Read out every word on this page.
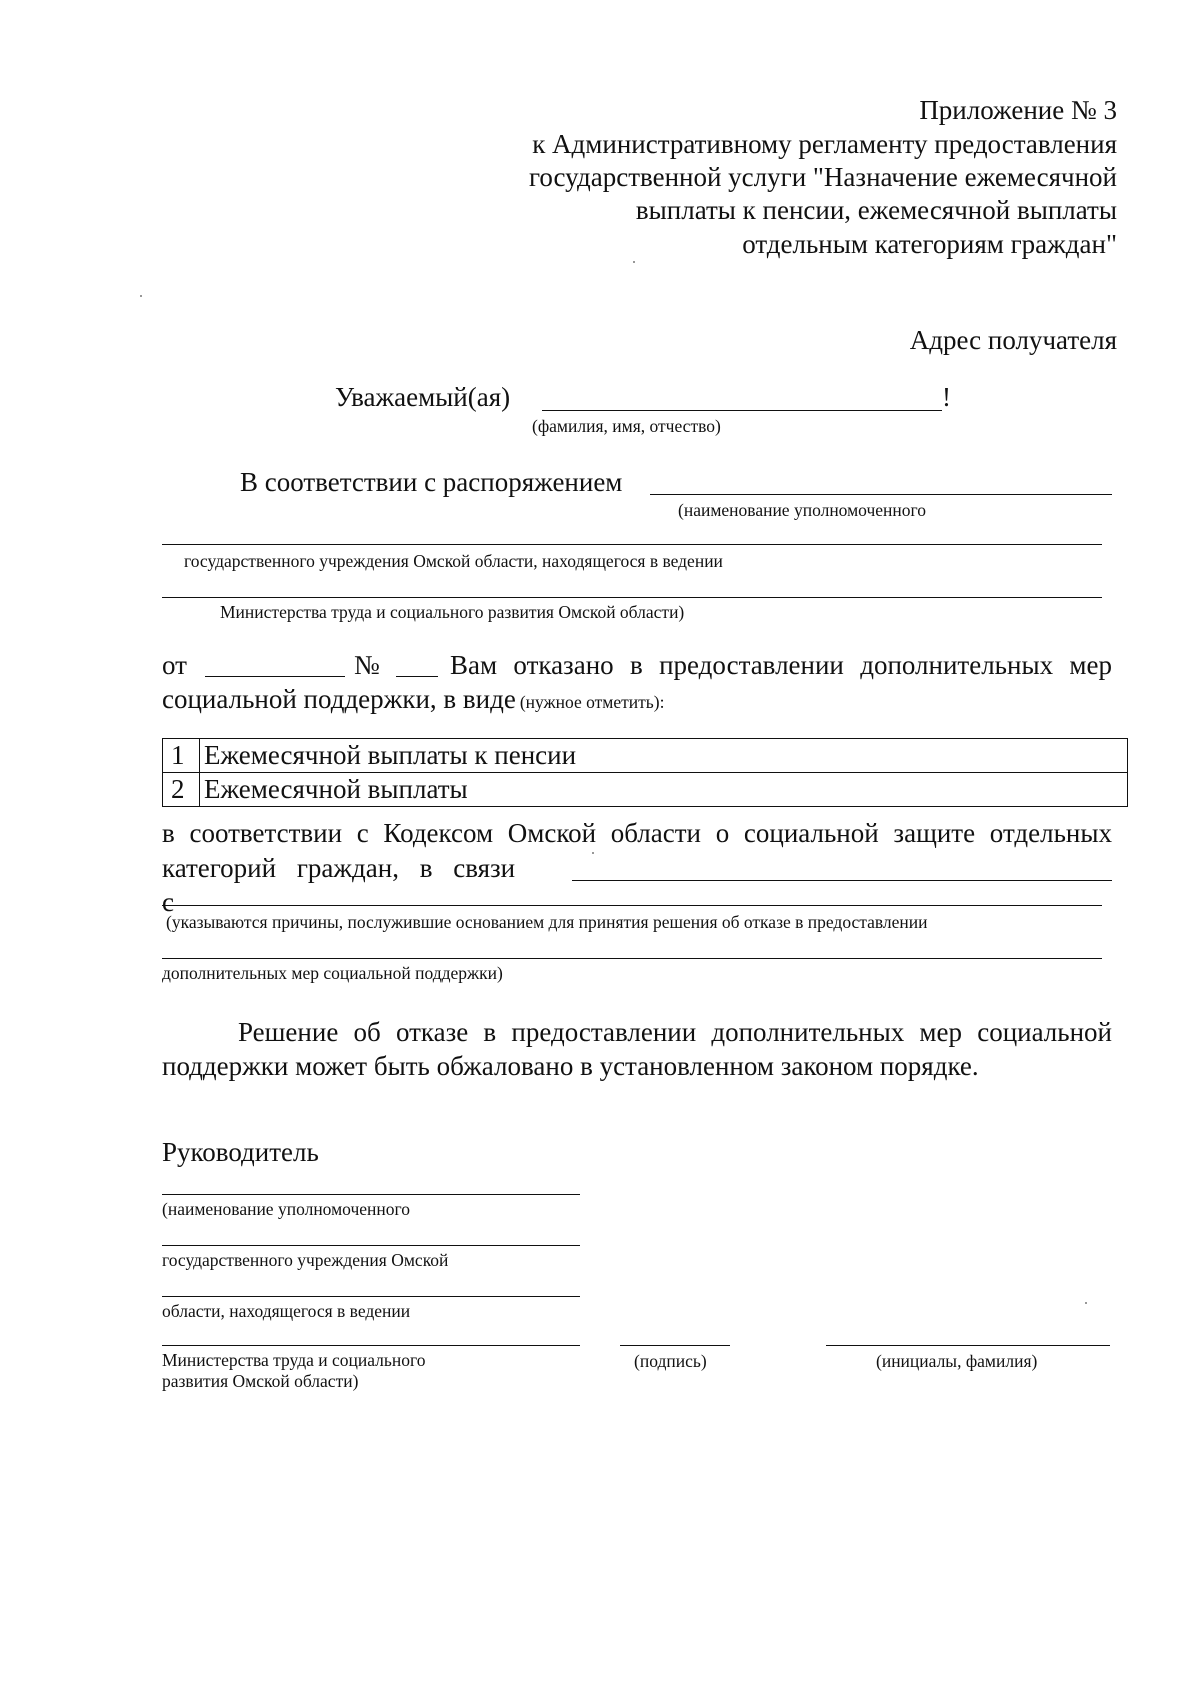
Приложение № 3
к Административному регламенту предоставления
государственной услуги "Назначение ежемесячной
выплаты к пенсии, ежемесячной выплаты
отдельным категориям граждан"
Адрес получателя
Уважаемый(ая)	!
(фамилия, имя, отчество)
В соответствии с распоряжением
(наименование уполномоченного
государственного учреждения Омской области, находящегося в ведении
Министерства труда и социального развития Омской области)
от	№	Вам отказано в предоставлении дополнительных мер
социальной поддержки, в виде (нужное отметить):
1	Ежемесячной выплаты к пенсии
2	Ежемесячной выплаты
в соответствии с Кодексом Омской области о социальной защите отдельных
категорий граждан, в связи с
(указываются причины, послужившие основанием для принятия решения об отказе в предоставлении
дополнительных мер социальной поддержки)
Решение об отказе в предоставлении дополнительных мер социальной
поддержки может быть обжаловано в установленном законом порядке.
Руководитель
(наименование уполномоченного
государственного учреждения Омской
области, находящегося в ведении
Министерства труда и социального
развития Омской области)
(подпись)	(инициалы, фамилия)
